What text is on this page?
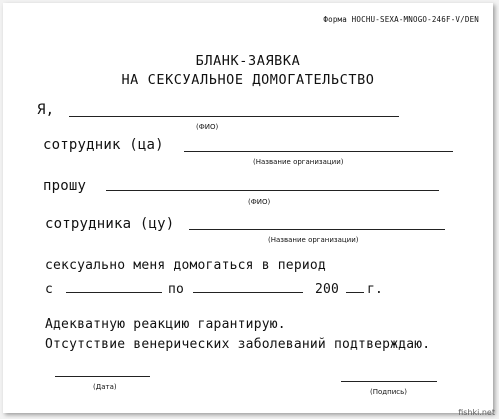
Форма HOCHU-SEXA-MNOGO-246F-V/DEN
БЛАНК-ЗАЯВКА
НА СЕКСУАЛЬНОЕ ДОМОГАТЕЛЬСТВО
Я,
(ФИО)
сотрудник (ца)
(Название организации)
прошу
(ФИО)
сотрудника (цу)
(Название организации)
сексуально меня домогаться в период
с	по	200 г.
Адекватную реакцию гарантирую.
Отсутствие венерических заболеваний подтверждаю.
(Дата)
(Подпись)
fishki.net
